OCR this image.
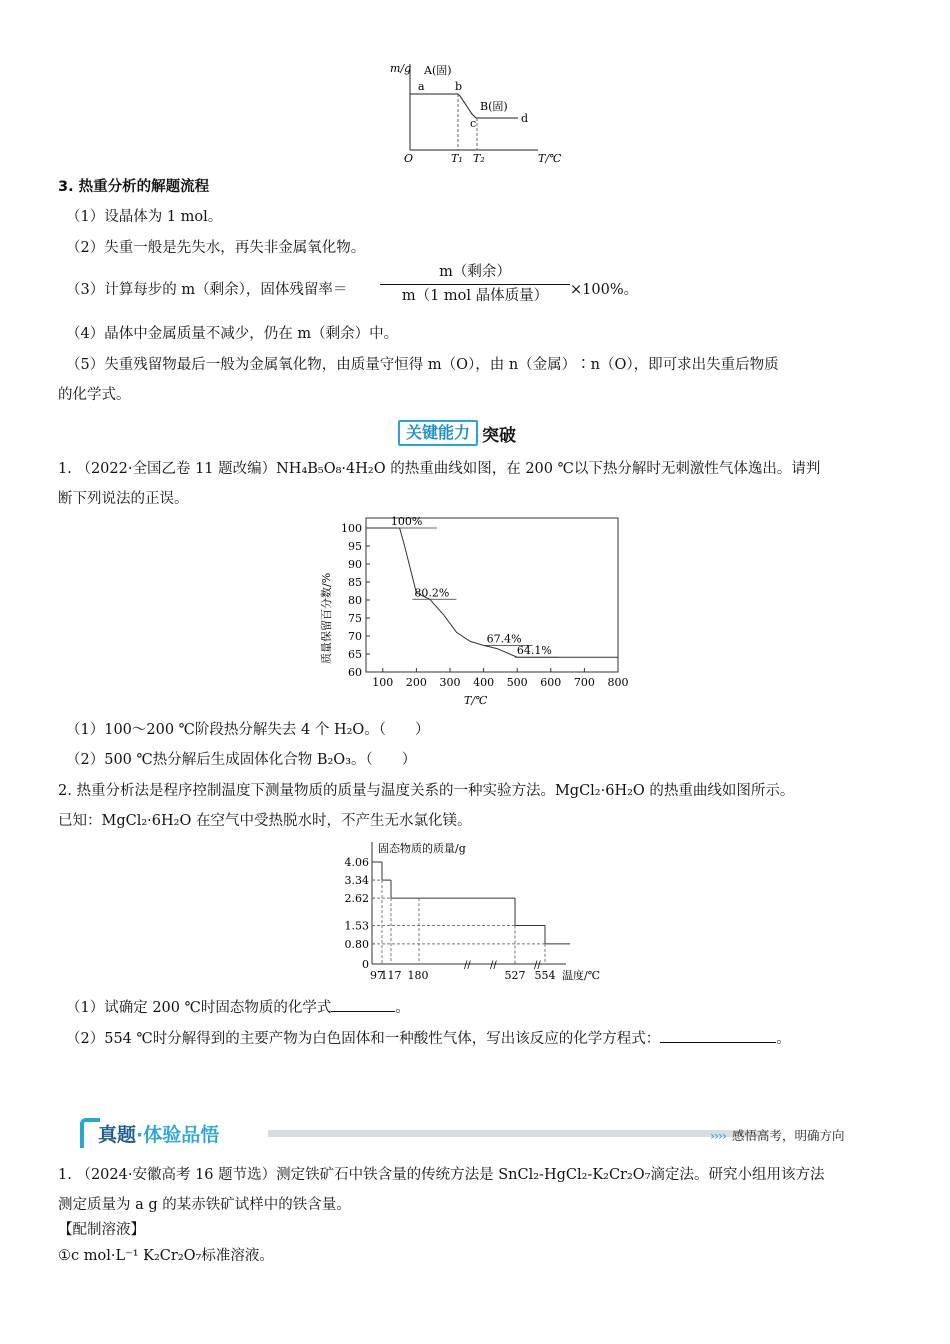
m/g A(固)
a	b
B(固)
c	d
O	T₁ T₂	T/℃
3. 热重分析的解题流程
（1）设晶体为 1 mol。
（2）失重一般是先失水，再失非金属氧化物。
（3）计算每步的 m（剩余），固体残留率＝
m（剩余）
m（1 mol 晶体质量）	×100%。
（4）晶体中金属质量不减少，仍在 m（剩余）中。
（5）失重残留物最后一般为金属氧化物，由质量守恒得 m（O），由 n（金属）∶n（O），即可求出失重后物质
的化学式。
关键能力 突破
1. （2022·全国乙卷 11 题改编）NH₄B₅O₈·4H₂O 的热重曲线如图，在 200 ℃以下热分解时无刺激性气体逸出。请判
断下列说法的正误。
60
65
70
75
80
85
90
95
100
100 200 300 400 500 600 700 800
100%
80.2%
67.4%
64.1%
质量保留百分数/%
T/℃
（1）100～200 ℃阶段热分解失去 4 个 H₂O。（　　）
（2）500 ℃热分解后生成固体化合物 B₂O₃。（　　）
2. 热重分析法是程序控制温度下测量物质的质量与温度关系的一种实验方法。MgCl₂·6H₂O 的热重曲线如图所示。
已知：MgCl₂·6H₂O 在空气中受热脱水时，不产生无水氯化镁。
0
0.80
1.53
2.62
3.34
4.06
// //	//
97
117 180	527 554
固态物质的质量/g
温度/℃
（1）试确定 200 ℃时固态物质的化学式	。
（2）554 ℃时分解得到的主要产物为白色固体和一种酸性气体，写出该反应的化学方程式：	。
真题·体验品悟	›››› 感悟高考，明确方向
1. （2024·安徽高考 16 题节选）测定铁矿石中铁含量的传统方法是 SnCl₂-HgCl₂-K₂Cr₂O₇滴定法。研究小组用该方法
测定质量为 a g 的某赤铁矿试样中的铁含量。
【配制溶液】
①c mol·L⁻¹ K₂Cr₂O₇标准溶液。
